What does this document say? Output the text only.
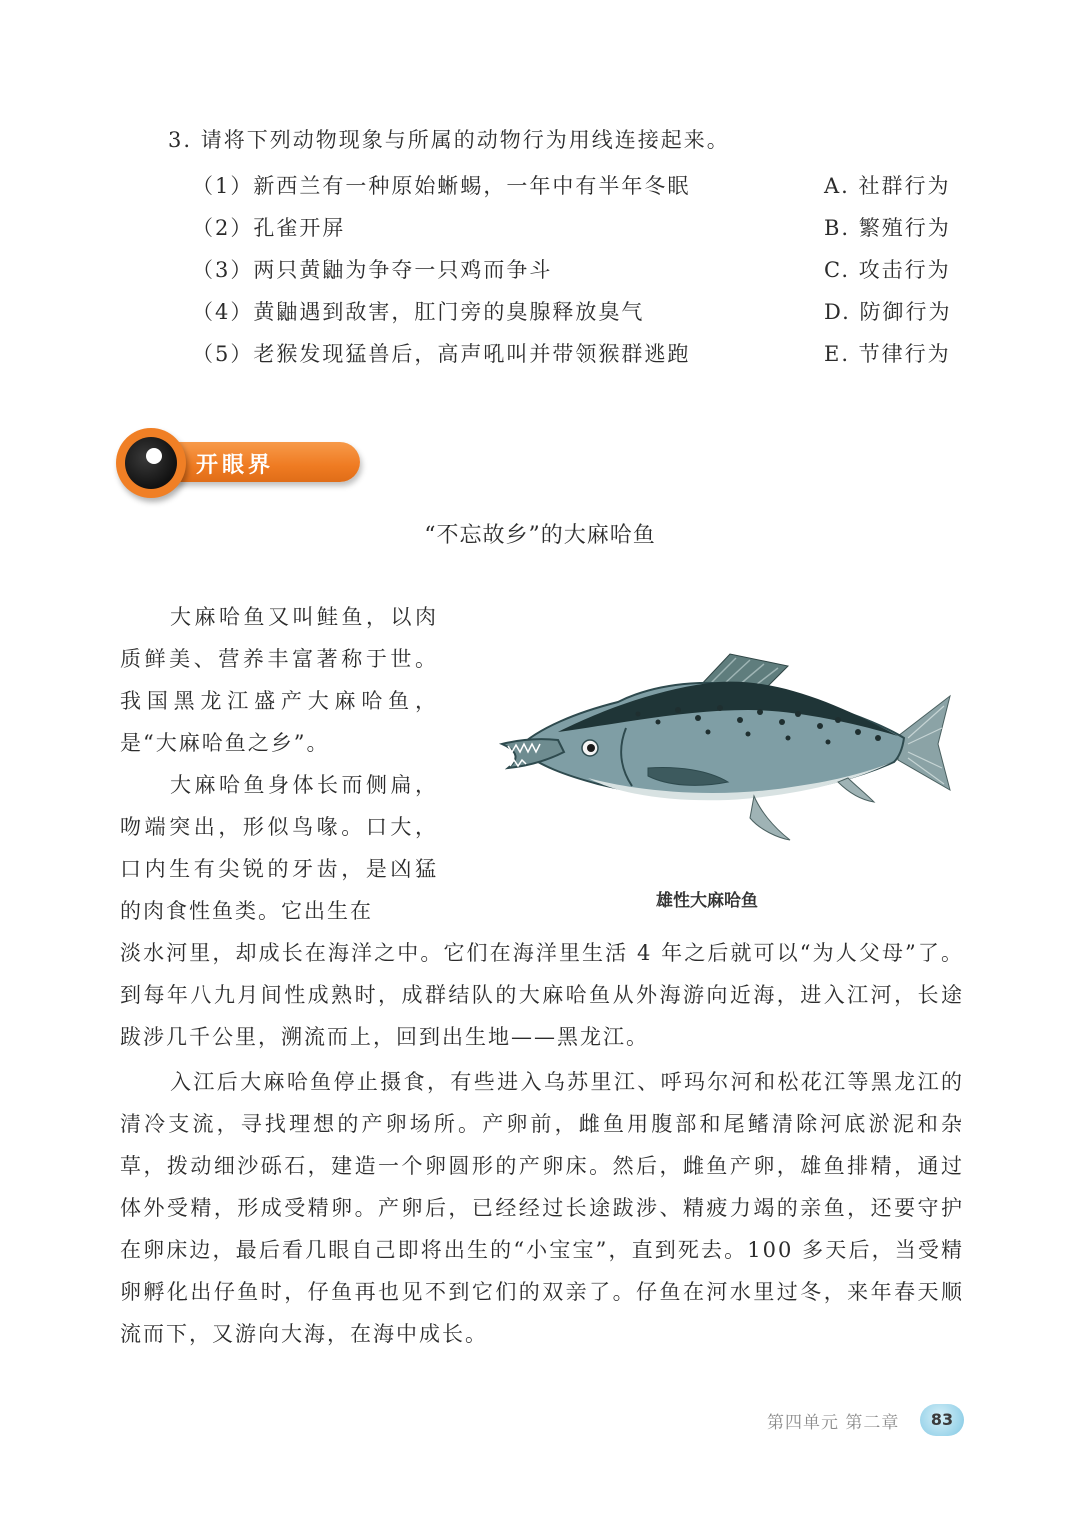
3. 请将下列动物现象与所属的动物行为用线连接起来。
（1）新西兰有一种原始蜥蜴，一年中有半年冬眠
（2）孔雀开屏
（3）两只黄鼬为争夺一只鸡而争斗
（4）黄鼬遇到敌害，肛门旁的臭腺释放臭气
（5）老猴发现猛兽后，高声吼叫并带领猴群逃跑
A. 社群行为
B. 繁殖行为
C. 攻击行为
D. 防御行为
E. 节律行为
开眼界
“不忘故乡”的大麻哈鱼
大麻哈鱼又叫鲑鱼，以肉质鲜美、营养丰富著称于世。我国黑龙江盛产大麻哈鱼，是“大麻哈鱼之乡”。
大麻哈鱼身体长而侧扁，吻端突出，形似鸟喙。口大，口内生有尖锐的牙齿，是凶猛的肉食性鱼类。它出生在
淡水河里，却成长在海洋之中。它们在海洋里生活 4 年之后就可以“为人父母”了。到每年八九月间性成熟时，成群结队的大麻哈鱼从外海游向近海，进入江河，长途跋涉几千公里，溯流而上，回到出生地——黑龙江。
入江后大麻哈鱼停止摄食，有些进入乌苏里江、呼玛尔河和松花江等黑龙江的清冷支流，寻找理想的产卵场所。产卵前，雌鱼用腹部和尾鳍清除河底淤泥和杂草，拨动细沙砾石，建造一个卵圆形的产卵床。然后，雌鱼产卵，雄鱼排精，通过体外受精，形成受精卵。产卵后，已经经过长途跋涉、精疲力竭的亲鱼，还要守护在卵床边，最后看几眼自己即将出生的“小宝宝”，直到死去。100 多天后，当受精卵孵化出仔鱼时，仔鱼再也见不到它们的双亲了。仔鱼在河水里过冬，来年春天顺流而下，又游向大海，在海中成长。
雄性大麻哈鱼
第四单元 第二章	83
